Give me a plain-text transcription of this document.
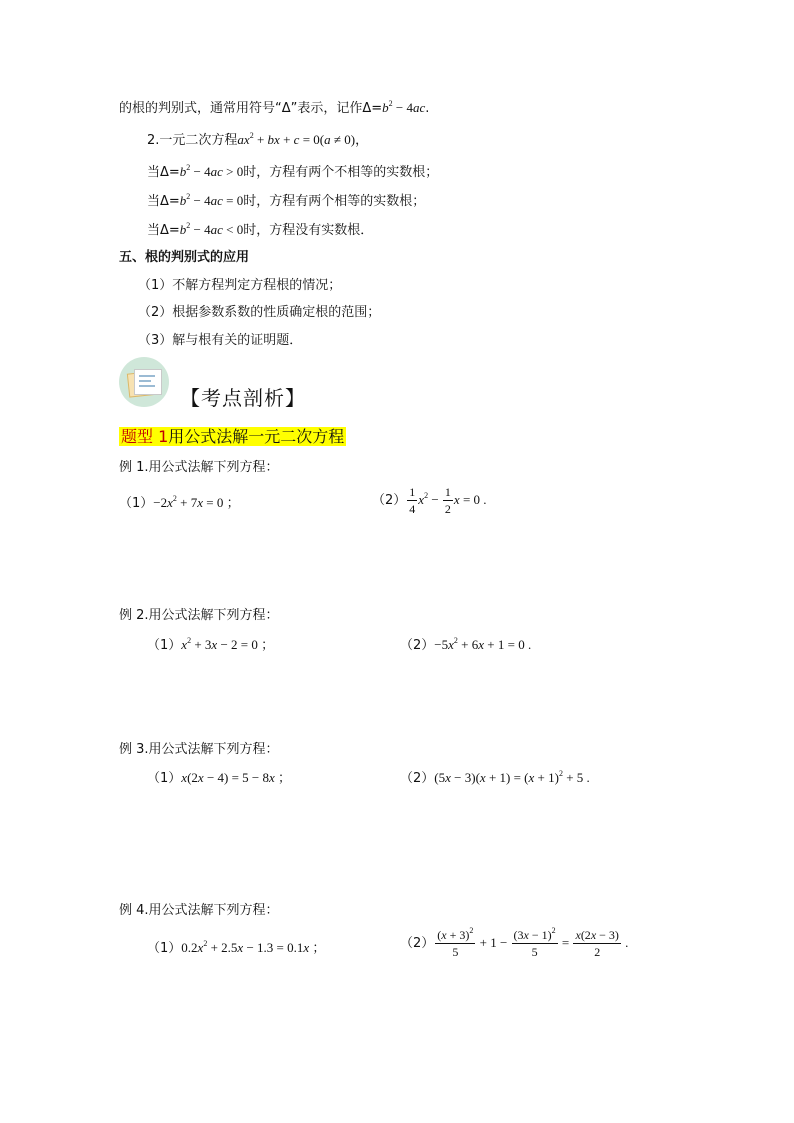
的根的判别式，通常用符号“Δ”表示，记作$\Delta=b^2 - 4ac$.
2.一元二次方程$ax^2$ + bx + c = 0(a ≠ 0)，
当$\Delta=b^2 - 4ac > 0$时，方程有两个不相等的实数根；
当$\Delta=b^2 - 4ac = 0$时，方程有两个相等的实数根；
当$\Delta=b^2 - 4ac < 0$时，方程没有实数根．
五、根的判别式的应用
（1）不解方程判定方程根的情况；
（2）根据参数系数的性质确定根的范围；
（3）解与根有关的证明题．
【考点剖析】
题型 1用公式法解一元二次方程
例 1.用公式法解下列方程：
$(1)-2x^2 + 7x = 0$ ；	$(2) \frac{1}{4} x^2 - \frac{1}{2}$ x = 0 .
例 2.用公式法解下列方程：
$(1)x^2 + 3x - 2 = 0$ ；	$(2)-5x^2 + 6x + 1 = 0$ .
例 3.用公式法解下列方程：
（1）x(2x − 4) = 5 − 8x ；	$(2)(5x - 3)(x + 1) = (x + 1)^2 + 5$ .
例 4.用公式法解下列方程：
$(1)0.2x^2 + 2.5x - 1.3 = 0.1x$ ；	$(2) \frac{(x + 3)^2}{5} + 1 - \frac{(3x - 1)^2}{5} = \frac{x(2x - 3)}{2}$ .
